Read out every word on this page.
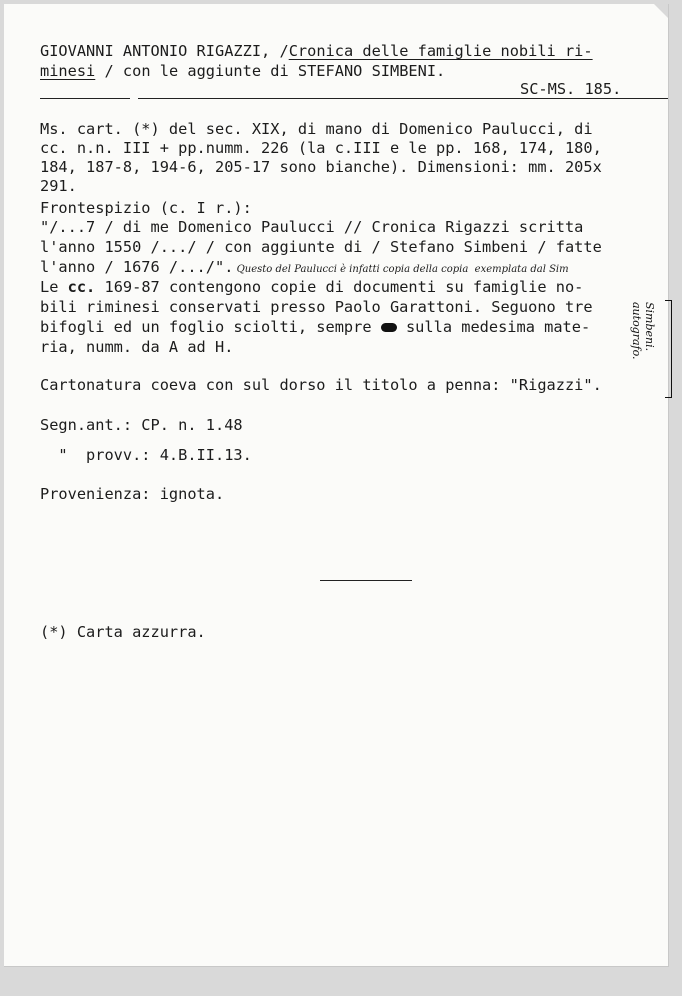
GIOVANNI ANTONIO RIGAZZI, /Cronica delle famiglie nobili ri-
minesi / con le aggiunte di STEFANO SIMBENI.
SC-MS. 185.
Ms. cart. (*) del sec. XIX, di mano di Domenico Paulucci, di
cc. n.n. III + pp.numm. 226 (la c.III e le pp. 168, 174, 180,
184, 187-8, 194-6, 205-17 sono bianche). Dimensioni: mm. 205x
291.
Frontespizio (c. I r.):
"/...7 / di me Domenico Paulucci // Cronica Rigazzi scritta
l'anno 1550 /.../ / con aggiunte di / Stefano Simbeni / fatte
l'anno / 1676 /.../". Questo del Paulucci è infatti copia della copia  exemplata dal Sim
Le cc. 169-87 contengono copie di documenti su famiglie no-
bili riminesi conservati presso Paolo Garattoni. Seguono tre
bifogli ed un foglio sciolti, sempre  sulla medesima mate-
ria, numm. da A ad H.	Simbeni. autografo.
Cartonatura coeva con sul dorso il titolo a penna: "Rigazzi".
Segn.ant.: CP. n. 1.48
"  provv.: 4.B.II.13.
Provenienza: ignota.
(*) Carta azzurra.
